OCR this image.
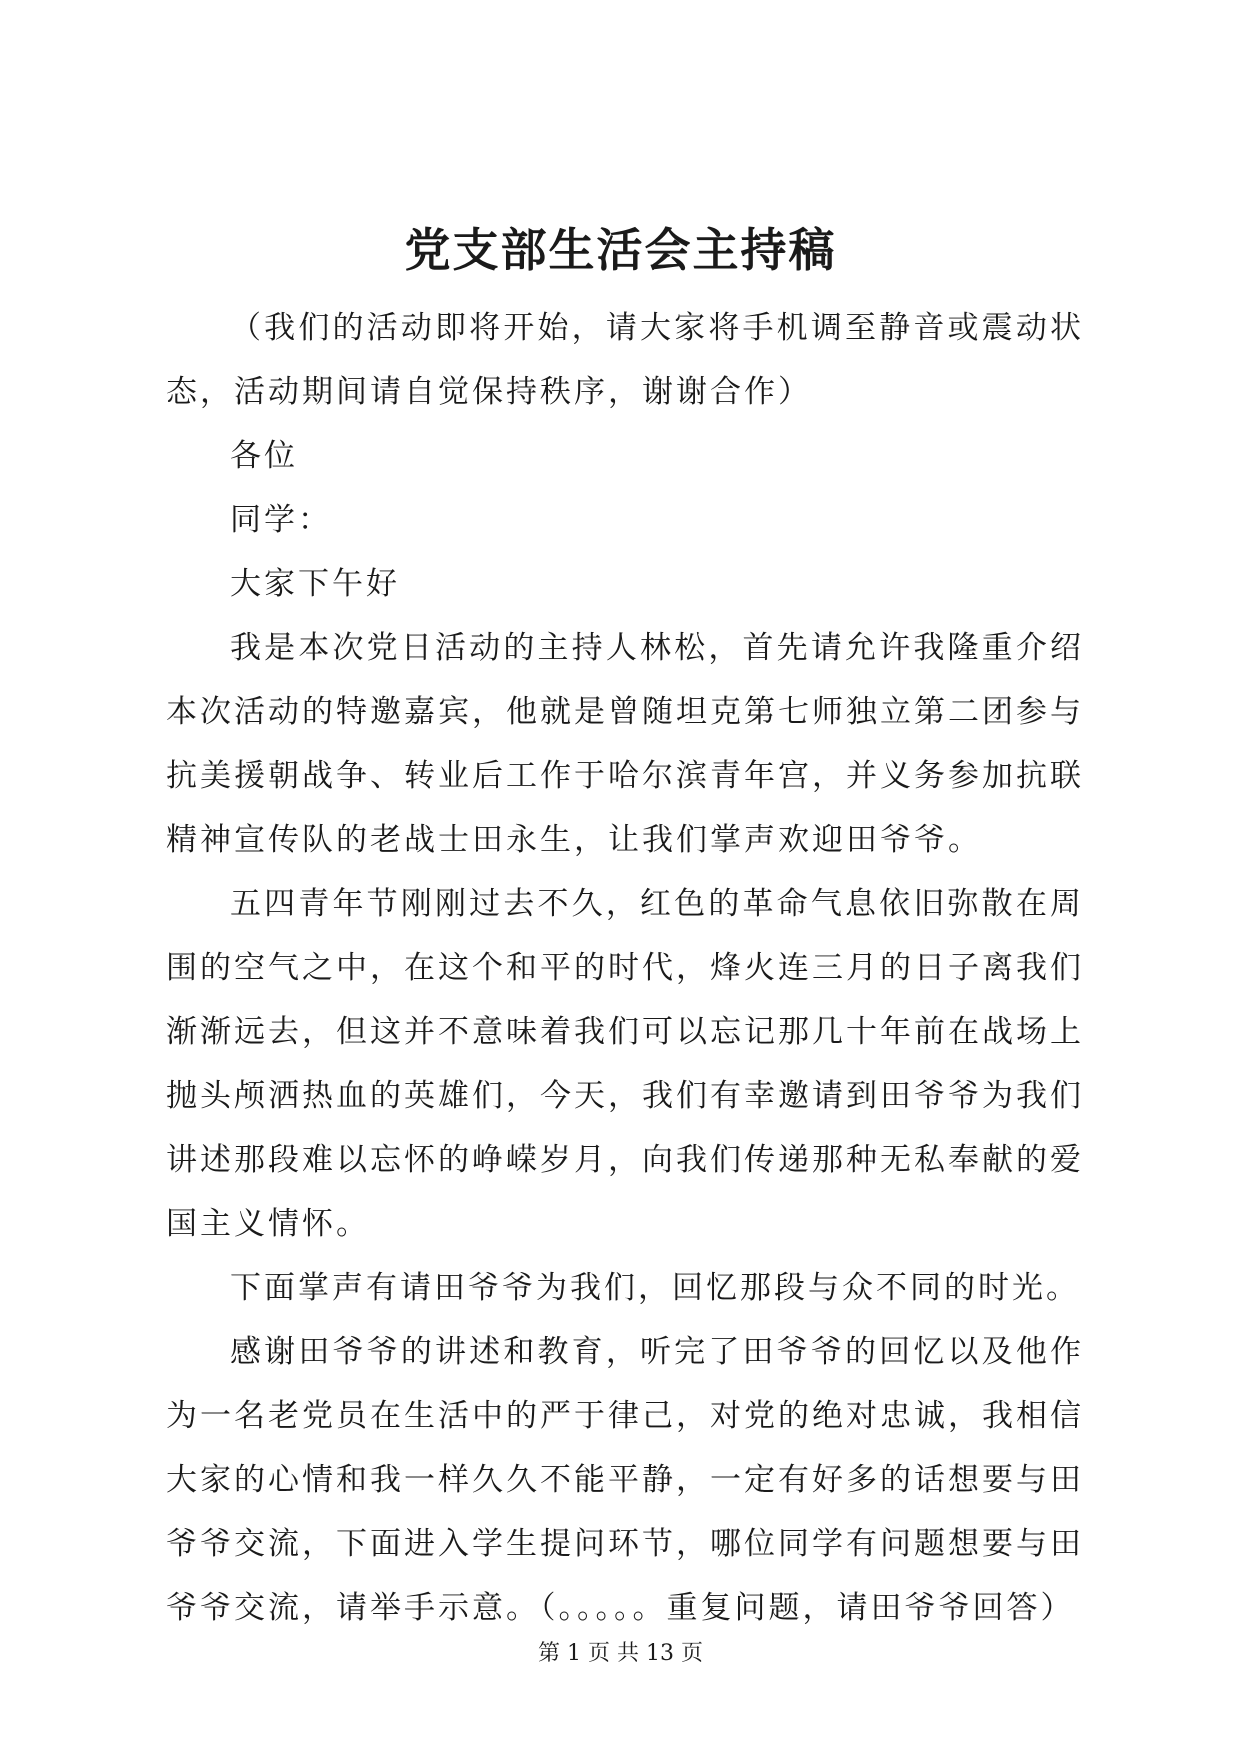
党支部生活会主持稿

（我们的活动即将开始，请大家将手机调至静音或震动状态，活动期间请自觉保持秩序，谢谢合作）

各位

同学：

大家下午好

我是本次党日活动的主持人林松，首先请允许我隆重介绍本次活动的特邀嘉宾，他就是曾随坦克第七师独立第二团参与抗美援朝战争、转业后工作于哈尔滨青年宫，并义务参加抗联精神宣传队的老战士田永生，让我们掌声欢迎田爷爷。

五四青年节刚刚过去不久，红色的革命气息依旧弥散在周围的空气之中，在这个和平的时代，烽火连三月的日子离我们渐渐远去，但这并不意味着我们可以忘记那几十年前在战场上抛头颅洒热血的英雄们，今天，我们有幸邀请到田爷爷为我们讲述那段难以忘怀的峥嵘岁月，向我们传递那种无私奉献的爱国主义情怀。

下面掌声有请田爷爷为我们，回忆那段与众不同的时光。

感谢田爷爷的讲述和教育，听完了田爷爷的回忆以及他作为一名老党员在生活中的严于律己，对党的绝对忠诚，我相信大家的心情和我一样久久不能平静，一定有好多的话想要与田爷爷交流，下面进入学生提问环节，哪位同学有问题想要与田爷爷交流，请举手示意。（。。。。。重复问题，请田爷爷回答）

第 1 页 共 13 页
